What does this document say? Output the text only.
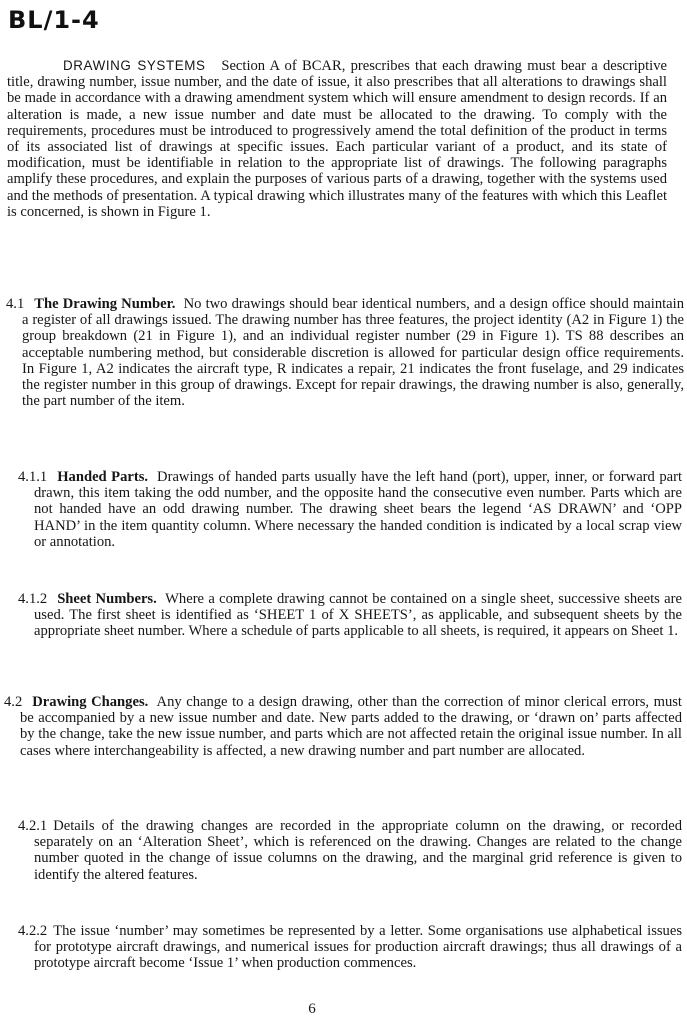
BL/1-4

DRAWING SYSTEMS Section A of BCAR, prescribes that each drawing must bear a descriptive title, drawing number, issue number, and the date of issue, it also prescribes that all alterations to drawings shall be made in accordance with a drawing amendment system which will ensure amendment to design records. If an alteration is made, a new issue number and date must be allocated to the drawing. To comply with the requirements, procedures must be introduced to progressively amend the total definition of the product in terms of its associated list of drawings at specific issues. Each particular variant of a product, and its state of modification, must be identifiable in relation to the appropriate list of drawings. The following paragraphs amplify these procedures, and explain the purposes of various parts of a drawing, together with the systems used and the methods of presentation. A typical drawing which illustrates many of the features with which this Leaflet is concerned, is shown in Figure 1.

4.1 The Drawing Number. No two drawings should bear identical numbers, and a design office should maintain a register of all drawings issued. The drawing number has three features, the project identity (A2 in Figure 1) the group breakdown (21 in Figure 1), and an individual register number (29 in Figure 1). TS 88 describes an acceptable numbering method, but considerable discretion is allowed for particular design office requirements. In Figure 1, A2 indicates the aircraft type, R indicates a repair, 21 indicates the front fuselage, and 29 indicates the register number in this group of drawings. Except for repair drawings, the drawing number is also, generally, the part number of the item.

4.1.1 Handed Parts. Drawings of handed parts usually have the left hand (port), upper, inner, or forward part drawn, this item taking the odd number, and the opposite hand the consecutive even number. Parts which are not handed have an odd drawing number. The drawing sheet bears the legend ‘AS DRAWN’ and ‘OPP HAND’ in the item quantity column. Where necessary the handed condition is indicated by a local scrap view or annotation.

4.1.2 Sheet Numbers. Where a complete drawing cannot be contained on a single sheet, successive sheets are used. The first sheet is identified as ‘SHEET 1 of X SHEETS’, as applicable, and subsequent sheets by the appropriate sheet number. Where a schedule of parts applicable to all sheets, is required, it appears on Sheet 1.

4.2 Drawing Changes. Any change to a design drawing, other than the correction of minor clerical errors, must be accompanied by a new issue number and date. New parts added to the drawing, or ‘drawn on’ parts affected by the change, take the new issue number, and parts which are not affected retain the original issue number. In all cases where interchangeability is affected, a new drawing number and part number are allocated.

4.2.1 Details of the drawing changes are recorded in the appropriate column on the drawing, or recorded separately on an ‘Alteration Sheet’, which is referenced on the drawing. Changes are related to the change number quoted in the change of issue columns on the drawing, and the marginal grid reference is given to identify the altered features.

4.2.2 The issue ‘number’ may sometimes be represented by a letter. Some organisations use alphabetical issues for prototype aircraft drawings, and numerical issues for production aircraft drawings; thus all drawings of a prototype aircraft become ‘Issue 1’ when production commences.

6
